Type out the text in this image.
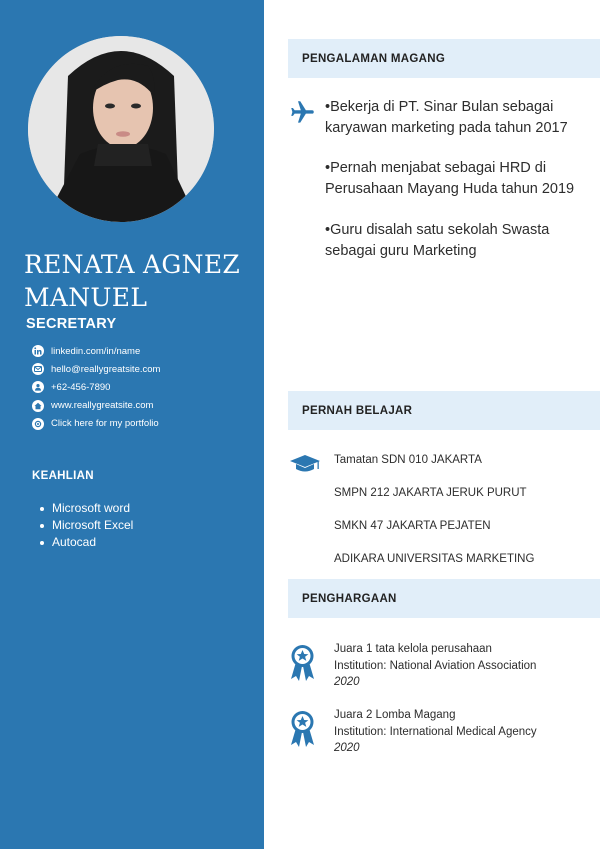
RENATA AGNEZ
MANUEL
SECRETARY
linkedin.com/in/name
hello@reallygreatsite.com
+62-456-7890
www.reallygreatsite.com
Click here for my portfolio
KEAHLIAN
Microsoft word
Microsoft Excel
Autocad
PENGALAMAN MAGANG
•Bekerja di PT. Sinar Bulan sebagai karyawan marketing pada tahun 2017
•Pernah menjabat sebagai HRD di Perusahaan Mayang Huda tahun 2019
•Guru disalah satu sekolah Swasta sebagai guru Marketing
PERNAH BELAJAR
Tamatan SDN 010 JAKARTA
SMPN 212 JAKARTA JERUK PURUT
SMKN 47 JAKARTA PEJATEN
ADIKARA UNIVERSITAS MARKETING
PENGHARGAAN
Juara 1 tata kelola perusahaan
Institution: National Aviation Association
2020
Juara 2 Lomba Magang
Institution: International Medical Agency
2020
